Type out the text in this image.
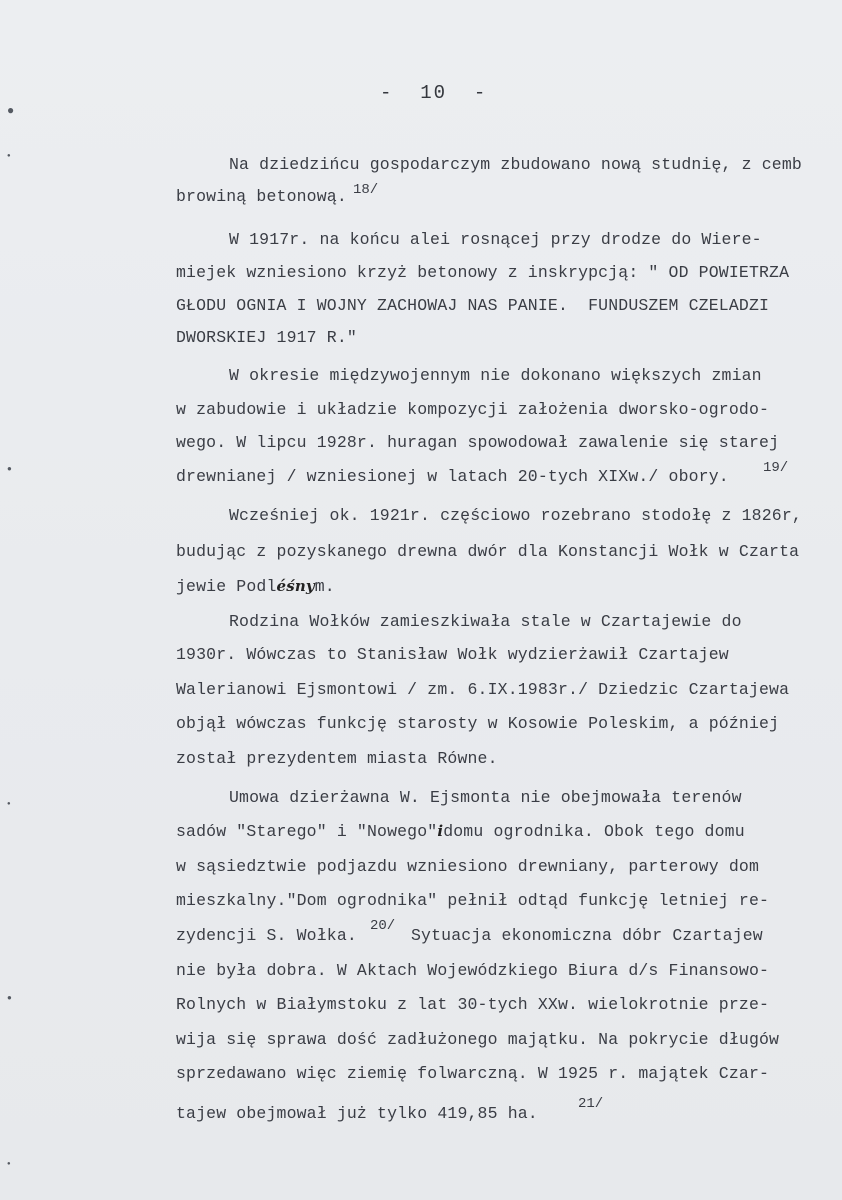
-  10  -
Na dziedzińcu gospodarczym zbudowano nową studnię, z cemb
browiną betonową. 18/
W 1917r. na końcu alei rosnącej przy drodze do Wiere-
miejek wzniesiono krzyż betonowy z inskrypcją: " OD POWIETRZA
GŁODU OGNIA I WOJNY ZACHOWAJ NAS PANIE.  FUNDUSZEM CZELADZI
DWORSKIEJ 1917 R."
W okresie międzywojennym nie dokonano większych zmian
w zabudowie i układzie kompozycji założenia dworsko-ogrodo-
wego. W lipcu 1928r. huragan spowodował zawalenie się starej
drewnianej / wzniesionej w latach 20-tych XIXw./ obory. 19/
Wcześniej ok. 1921r. częściowo rozebrano stodołę z 1826r,
budując z pozyskanego drewna dwór dla Konstancji Wołk w Czarta
jewie Podléśnym.
Rodzina Wołków zamieszkiwała stale w Czartajewie do
1930r. Wówczas to Stanisław Wołk wydzierżawił Czartajew
Walerianowi Ejsmontowi / zm. 6.IX.1983r./ Dziedzic Czartajewa
objął wówczas funkcję starosty w Kosowie Poleskim, a później
został prezydentem miasta Równe.
Umowa dzierżawna W. Ejsmonta nie obejmowała terenów
sadów "Starego" i "Nowego"idomu ogrodnika. Obok tego domu
w sąsiedztwie podjazdu wzniesiono drewniany, parterowy dom
mieszkalny."Dom ogrodnika" pełnił odtąd funkcję letniej re-
zydencji S. Wołka. 20/ Sytuacja ekonomiczna dóbr Czartajew
nie była dobra. W Aktach Wojewódzkiego Biura d/s Finansowo-
Rolnych w Białymstoku z lat 30-tych XXw. wielokrotnie prze-
wija się sprawa dość zadłużonego majątku. Na pokrycie długów
sprzedawano więc ziemię folwarczną. W 1925 r. majątek Czar-
tajew obejmował już tylko 419,85 ha.	21/
●
●
●
●
●
●
